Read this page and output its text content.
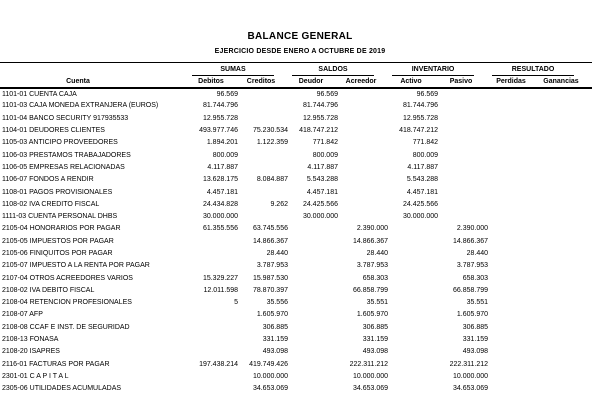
BALANCE GENERAL
EJERCICIO DESDE ENERO A OCTUBRE DE 2019

	SUMAS		SALDOS		INVENTARIO		RESULTADO	

Cuenta	Debitos	Creditos	Deudor	Acreedor	Activo	Pasivo	Perdidas	Ganancias
1101-01 CUENTA CAJA	96.569		96.569		96.569			
1101-03 CAJA MONEDA EXTRANJERA (EUROS)	81.744.796		81.744.796		81.744.796			
1101-04 BANCO SECURITY 917935533	12.955.728		12.955.728		12.955.728			
1104-01 DEUDORES CLIENTES	493.977.746	75.230.534	418.747.212		418.747.212			
1105-03 ANTICIPO PROVEEDORES	1.894.201	1.122.359	771.842		771.842			
1106-03 PRESTAMOS TRABAJADORES	800.009		800.009		800.009			
1106-05 EMPRESAS RELACIONADAS	4.117.887		4.117.887		4.117.887			
1106-07 FONDOS A RENDIR	13.628.175	8.084.887	5.543.288		5.543.288			
1108-01 PAGOS PROVISIONALES	4.457.181		4.457.181		4.457.181			
1108-02 IVA CREDITO FISCAL	24.434.828	9.262	24.425.566		24.425.566			
1111-03 CUENTA PERSONAL DHBS	30.000.000		30.000.000		30.000.000			
2105-04 HONORARIOS POR PAGAR	61.355.556	63.745.556		2.390.000		2.390.000		
2105-05 IMPUESTOS POR PAGAR		14.866.367		14.866.367		14.866.367		
2105-06 FINIQUITOS POR PAGAR		28.440		28.440		28.440		
2105-07 IMPUESTO A LA RENTA POR PAGAR		3.787.953		3.787.953		3.787.953		
2107-04 OTROS ACREEDORES VARIOS	15.329.227	15.987.530		658.303		658.303		
2108-02 IVA DEBITO FISCAL	12.011.598	78.870.397		66.858.799		66.858.799		
2108-04 RETENCION PROFESIONALES	5	35.556		35.551		35.551		
2108-07 AFP		1.605.970		1.605.970		1.605.970		
2108-08 CCAF E INST. DE SEGURIDAD		306.885		306.885		306.885		
2108-13 FONASA		331.159		331.159		331.159		
2108-20 ISAPRES		493.098		493.098		493.098		
2116-01 FACTURAS POR PAGAR	197.438.214	419.749.426		222.311.212		222.311.212		
2301-01 C A P I T A L		10.000.000		10.000.000		10.000.000		
2305-06 UTILIDADES ACUMULADAS		34.653.069		34.653.069		34.653.069		
